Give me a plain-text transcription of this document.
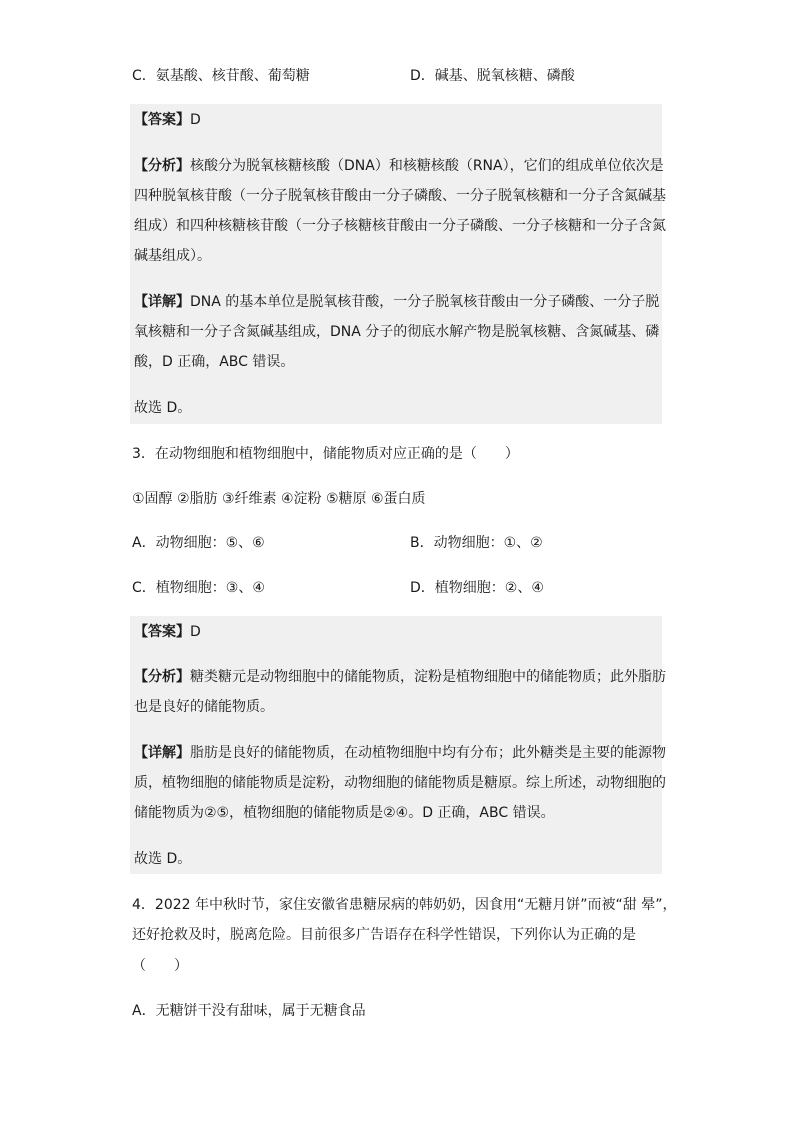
C．氨基酸、核苷酸、葡萄糖	D．碱基、脱氧核糖、磷酸
【答案】D
【分析】核酸分为脱氧核糖核酸（DNA）和核糖核酸（RNA），它们的组成单位依次是
四种脱氧核苷酸（一分子脱氧核苷酸由一分子磷酸、一分子脱氧核糖和一分子含氮碱基
组成）和四种核糖核苷酸（一分子核糖核苷酸由一分子磷酸、一分子核糖和一分子含氮
碱基组成）。
【详解】DNA 的基本单位是脱氧核苷酸，一分子脱氧核苷酸由一分子磷酸、一分子脱
氧核糖和一分子含氮碱基组成，DNA 分子的彻底水解产物是脱氧核糖、含氮碱基、磷
酸，D 正确，ABC 错误。
故选 D。
3．在动物细胞和植物细胞中，储能物质对应正确的是（　　）
①固醇 ②脂肪 ③纤维素 ④淀粉 ⑤糖原 ⑥蛋白质
A．动物细胞：⑤、⑥	B．动物细胞：①、②
C．植物细胞：③、④	D．植物细胞：②、④
【答案】D
【分析】糖类糖元是动物细胞中的储能物质，淀粉是植物细胞中的储能物质；此外脂肪
也是良好的储能物质。
【详解】脂肪是良好的储能物质，在动植物细胞中均有分布；此外糖类是主要的能源物
质，植物细胞的储能物质是淀粉，动物细胞的储能物质是糖原。综上所述，动物细胞的
储能物质为②⑤，植物细胞的储能物质是②④。D 正确，ABC 错误。
故选 D。
4．2022 年中秋时节，家住安徽省患糖尿病的韩奶奶，因食用“无糖月饼”而被“甜 晕”，
还好抢救及时，脱离危险。目前很多广告语存在科学性错误，下列你认为正确的是
（　　）
A．无糖饼干没有甜味，属于无糖食品
